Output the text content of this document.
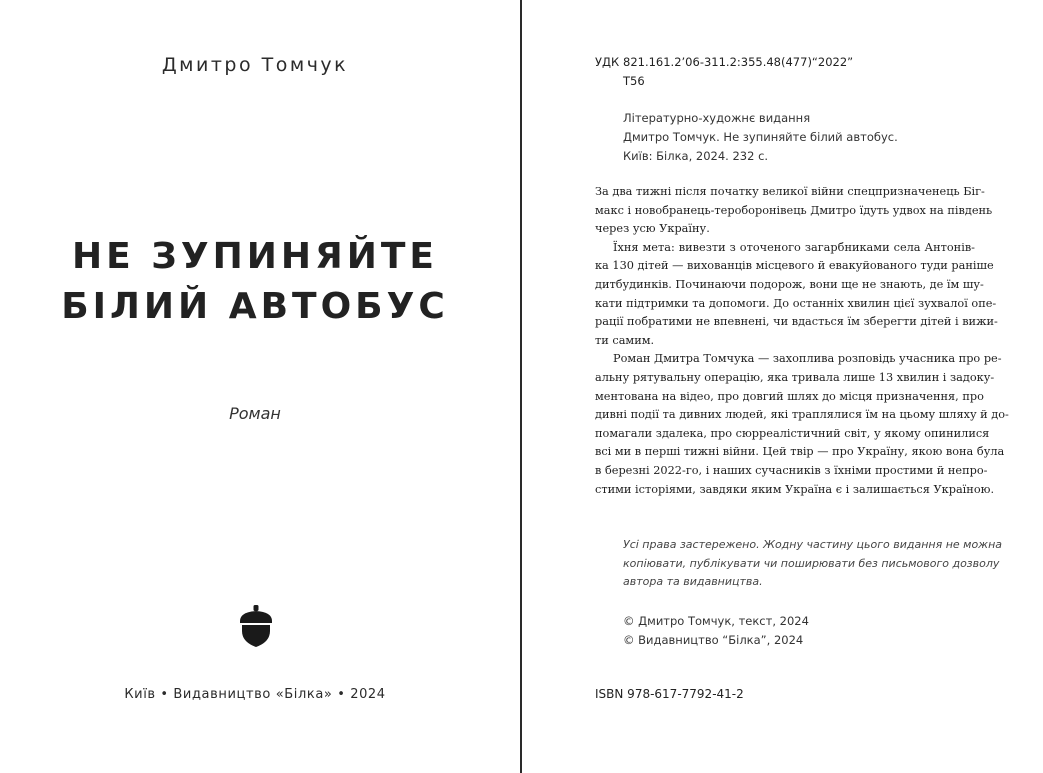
Дмитро Томчук
НЕ ЗУПИНЯЙТЕ
БІЛИЙ АВТОБУС
Роман
Київ • Видавництво «Білка» • 2024
УДК 821.161.2’06-311.2:355.48(477)“2022”
Т56
Літературно-художнє видання
Дмитро Томчук. Не зупиняйте білий автобус.
Київ: Білка, 2024. 232 с.
За два тижні після початку великої війни спецпризначенець Біг-
макс і новобранець-тероборонівець Дмитро їдуть удвох на південь
через усю Україну.
Їхня мета: вивезти з оточеного загарбниками села Антонів-
ка 130 дітей — вихованців місцевого й евакуйованого туди раніше
дитбудинків. Починаючи подорож, вони ще не знають, де їм шу-
кати підтримки та допомоги. До останніх хвилин цієї зухвалої опе-
рації побратими не впевнені, чи вдасться їм зберегти дітей і вижи-
ти самим.
Роман Дмитра Томчука — захоплива розповідь учасника про ре-
альну рятувальну операцію, яка тривала лише 13 хвилин і задоку-
ментована на відео, про довгий шлях до місця призначення, про
дивні події та дивних людей, які траплялися їм на цьому шляху й до-
помагали здалека, про сюрреалістичний світ, у якому опинилися
всі ми в перші тижні війни. Цей твір — про Україну, якою вона була
в березні 2022-го, і наших сучасників з їхніми простими й непро-
стими історіями, завдяки яким Україна є і залишається Україною.
Усі права застережено. Жодну частину цього видання не можна
копіювати, публікувати чи поширювати без письмового дозволу
автора та видавництва.
© Дмитро Томчук, текст, 2024
© Видавництво “Білка”, 2024
ISBN 978-617-7792-41-2
